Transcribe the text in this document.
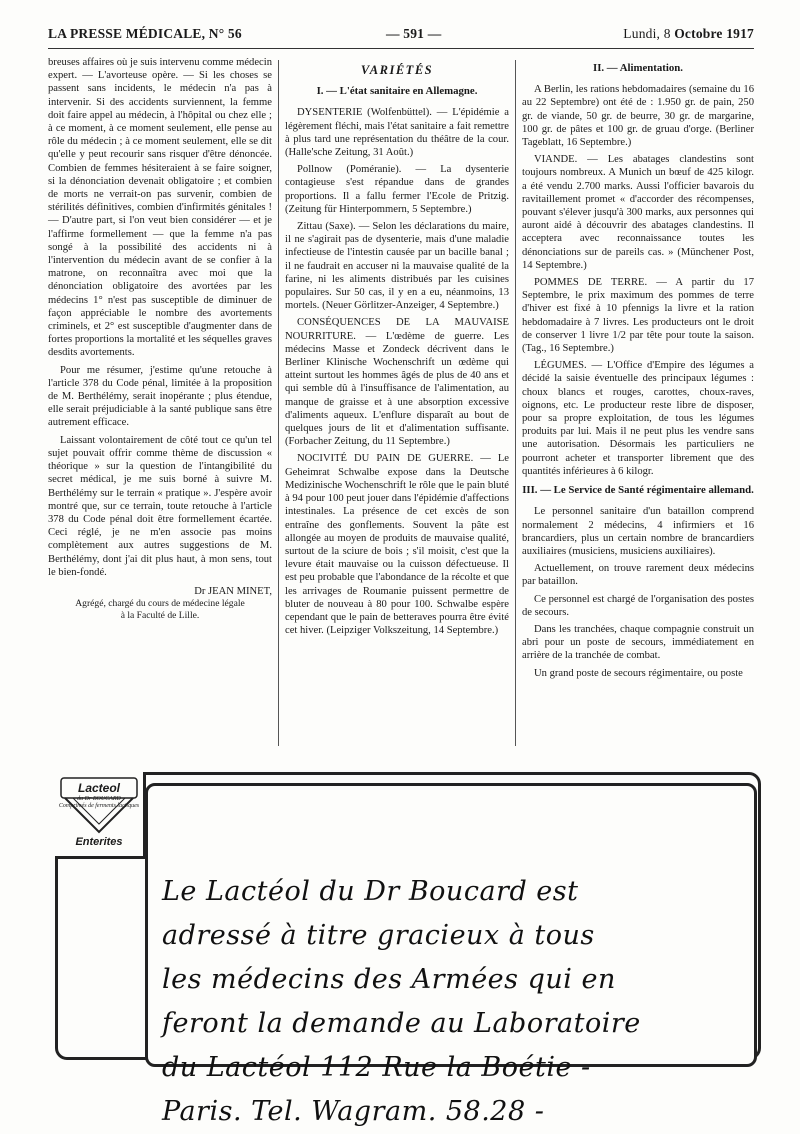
LA PRESSE MÉDICALE, N° 56	— 591 —	Lundi, 8 Octobre 1917

breuses affaires où je suis intervenu comme médecin expert. — L'avorteuse opère. — Si les choses se passent sans incidents, le médecin n'a pas à intervenir. Si des accidents surviennent, la femme doit faire appel au médecin, à l'hôpital ou chez elle ; à ce moment, à ce moment seulement, elle pense au rôle du médecin ; à ce moment seulement, elle se dit qu'elle y peut recourir sans risquer d'être dénoncée. Combien de femmes hésiteraient à se faire soigner, si la dénonciation devenait obligatoire ; et combien de morts ne verrait-on pas survenir, combien de stérilités définitives, combien d'infirmités génitales ! — D'autre part, si l'on veut bien considérer — et je l'affirme formellement — que la femme n'a pas songé à la possibilité des accidents ni à l'intervention du médecin avant de se confier à la matrone, on reconnaîtra avec moi que la dénonciation obligatoire des avortées par les médecins 1° n'est pas susceptible de diminuer de façon appréciable le nombre des avortements criminels, et 2° est susceptible d'augmenter dans de fortes proportions la mortalité et les séquelles graves desdits avortements.

Pour me résumer, j'estime qu'une retouche à l'article 378 du Code pénal, limitée à la proposition de M. Berthélémy, serait inopérante ; plus étendue, elle serait préjudiciable à la santé publique sans être autrement efficace.

Laissant volontairement de côté tout ce qu'un tel sujet pouvait offrir comme thème de discussion « théorique » sur la question de l'intangibilité du secret médical, je me suis borné à suivre M. Berthélémy sur le terrain « pratique ». J'espère avoir montré que, sur ce terrain, toute retouche à l'article 378 du Code pénal doit être formellement écartée. Ceci réglé, je ne m'en associe pas moins complètement aux autres suggestions de M. Berthélémy, dont j'ai dit plus haut, à mon sens, tout le bien-fondé.

Dr JEAN MINET,
Agrégé, chargé du cours de médecine légale
à la Faculté de Lille.
VARIÉTÉS
I. — L'état sanitaire en Allemagne.

DYSENTERIE (Wolfenbüttel). — L'épidémie a légèrement fléchi, mais l'état sanitaire a fait remettre à plus tard une représentation du théâtre de la cour. (Halle'sche Zeitung, 31 Août.)

Pollnow (Poméranie). — La dysenterie contagieuse s'est répandue dans de grandes proportions. Il a fallu fermer l'Ecole de Pritzig. (Zeitung für Hinterpommern, 5 Septembre.)

Zittau (Saxe). — Selon les déclarations du maire, il ne s'agirait pas de dysenterie, mais d'une maladie infectieuse de l'intestin causée par un bacille banal ; il ne faudrait en accuser ni la mauvaise qualité de la farine, ni les aliments distribués par les cuisines populaires. Sur 50 cas, il y en a eu, néanmoins, 13 mortels. (Neuer Görlitzer-Anzeiger, 4 Septembre.)

CONSÉQUENCES DE LA MAUVAISE NOURRITURE. — L'œdème de guerre. Les médecins Masse et Zondeck décrivent dans le Berliner Klinische Wochenschrift un œdème qui atteint surtout les hommes âgés de plus de 40 ans et qui semble dû à l'insuffisance de l'alimentation, au manque de graisse et à une absorption excessive d'aliments aqueux. L'enflure disparaît au bout de quelques jours de lit et d'alimentation suffisante. (Forbacher Zeitung, du 11 Septembre.)

NOCIVITÉ DU PAIN DE GUERRE. — Le Geheimrat Schwalbe expose dans la Deutsche Medizinische Wochenschrift le rôle que le pain bluté à 94 pour 100 peut jouer dans l'épidémie d'affections intestinales. La présence de cet excès de son entraîne des gonflements. Souvent la pâte est allongée au moyen de produits de mauvaise qualité, surtout de la sciure de bois ; s'il moisit, c'est que la levure était mauvaise ou la cuisson défectueuse. Il est peu probable que l'abondance de la récolte et que les arrivages de Roumanie puissent permettre de bluter de nouveau à 80 pour 100. Schwalbe espère cependant que le pain de betteraves pourra être évité cet hiver. (Leipziger Volkszeitung, 14 Septembre.)

II. — Alimentation.

A Berlin, les rations hebdomadaires (semaine du 16 au 22 Septembre) ont été de : 1.950 gr. de pain, 250 gr. de viande, 50 gr. de beurre, 30 gr. de margarine, 100 gr. de pâtes et 100 gr. de gruau d'orge. (Berliner Tageblatt, 16 Septembre.)

VIANDE. — Les abatages clandestins sont toujours nombreux. A Munich un bœuf de 425 kilogr. a été vendu 2.700 marks. Aussi l'officier bavarois du ravitaillement promet « d'accorder des récompenses, pouvant s'élever jusqu'à 300 marks, aux personnes qui auront aidé à découvrir des abatages clandestins. Il acceptera avec reconnaissance toutes les dénonciations sur de pareils cas. » (Münchener Post, 14 Septembre.)

POMMES DE TERRE. — A partir du 17 Septembre, le prix maximum des pommes de terre d'hiver est fixé à 10 pfennigs la livre et la ration hebdomadaire à 7 livres. Les producteurs ont le droit de conserver 1 livre 1/2 par tête pour toute la saison. (Tag., 16 Septembre.)

LÉGUMES. — L'Office d'Empire des légumes a décidé la saisie éventuelle des principaux légumes : choux blancs et rouges, carottes, choux-raves, oignons, etc. Le producteur reste libre de disposer, pour sa propre exploitation, de tous les légumes produits par lui. Mais il ne peut plus les vendre sans une autorisation. Désormais les particuliers ne pourront acheter et transporter librement que des quantités inférieures à 6 kilogr.

III. — Le Service de Santé régimentaire allemand.

Le personnel sanitaire d'un bataillon comprend normalement 2 médecins, 4 infirmiers et 16 brancardiers, plus un certain nombre de brancardiers auxiliaires (musiciens, musiciens auxiliaires).

Actuellement, on trouve rarement deux médecins par bataillon.

Ce personnel est chargé de l'organisation des postes de secours.

Dans les tranchées, chaque compagnie construit un abri pour un poste de secours, immédiatement en arrière de la tranchée de combat.

Un grand poste de secours régimentaire, ou poste

Lacteol
du Dr BOUCARD
Comprimés de ferments lactiques
Enterites
Le Lactéol du Dr Boucard est
adressé à titre gracieux à tous
les médecins des Armées qui en
feront la demande au Laboratoire
du Lactéol 112 Rue la Boétie -
Paris. Tel. Wagram. 58.28 -
